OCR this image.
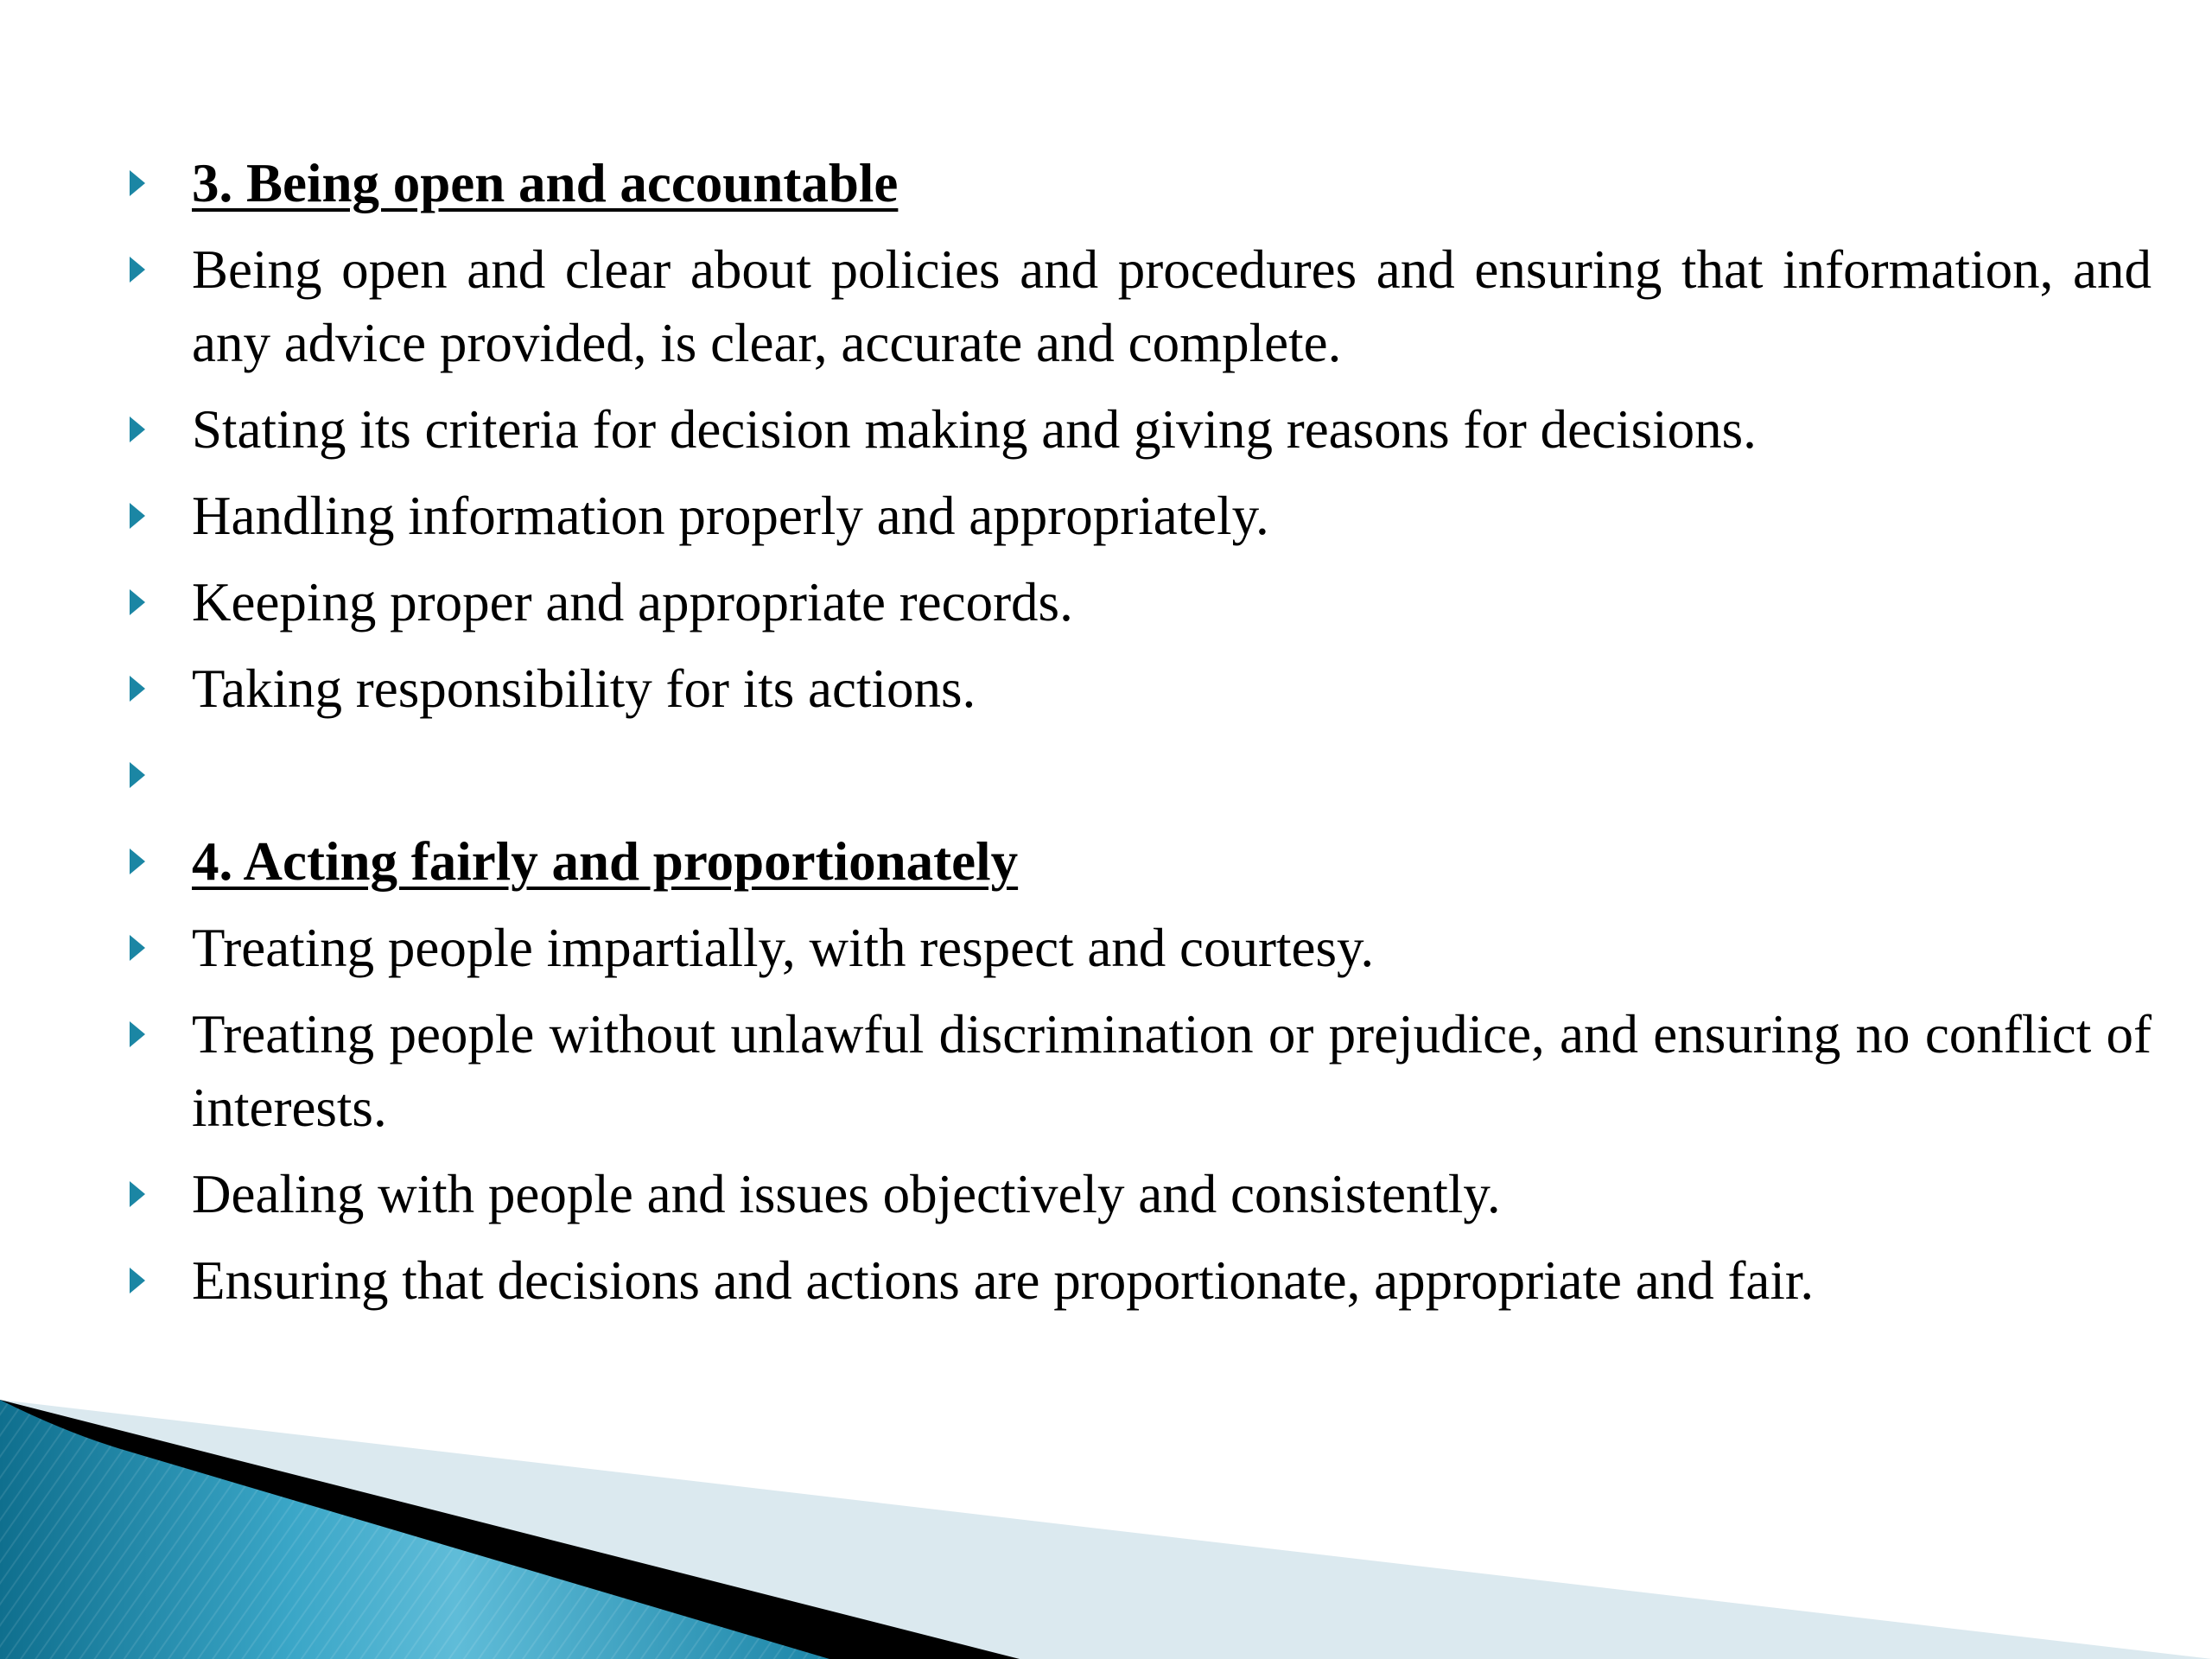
3. Being open and accountable
Being open and clear about policies and procedures and ensuring that information, and any advice provided, is clear, accurate and complete.
Stating its criteria for decision making and giving reasons for decisions.
Handling information properly and appropriately.
Keeping proper and appropriate records.
Taking responsibility for its actions.
4. Acting fairly and proportionately
Treating people impartially, with respect and courtesy.
Treating people without unlawful discrimination or prejudice, and ensuring no conflict of interests.
Dealing with people and issues objectively and consistently.
Ensuring that decisions and actions are proportionate, appropriate and fair.
